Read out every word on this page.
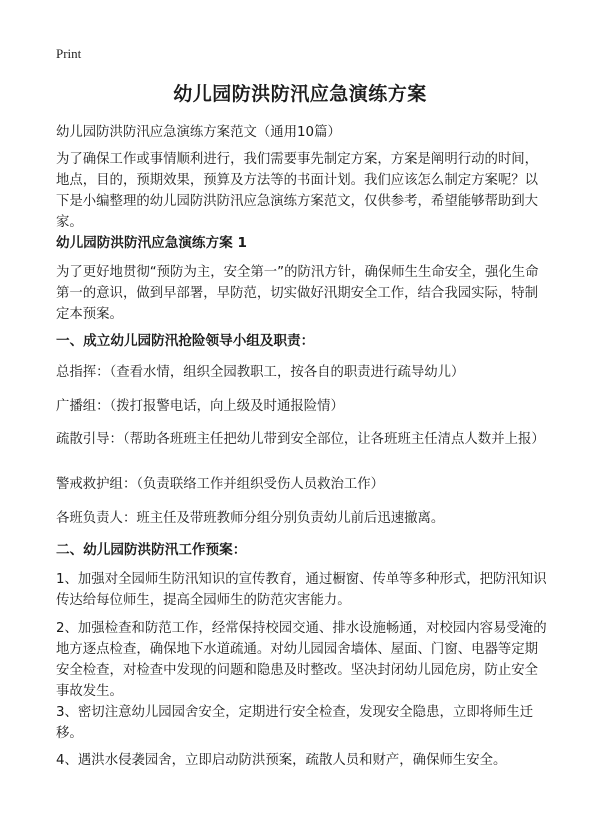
Print
幼儿园防洪防汛应急演练方案
幼儿园防洪防汛应急演练方案范文（通用10篇）
为了确保工作或事情顺利进行，我们需要事先制定方案，方案是阐明行动的时间，地点，目的，预期效果，预算及方法等的书面计划。我们应该怎么制定方案呢？以下是小编整理的幼儿园防洪防汛应急演练方案范文，仅供参考，希望能够帮助到大家。
幼儿园防洪防汛应急演练方案 1
为了更好地贯彻“预防为主，安全第一”的防汛方针，确保师生生命安全，强化生命第一的意识，做到早部署，早防范，切实做好汛期安全工作，结合我园实际，特制定本预案。
一、成立幼儿园防汛抢险领导小组及职责：
总指挥：（查看水情，组织全园教职工，按各自的职责进行疏导幼儿）
广播组：（拨打报警电话，向上级及时通报险情）
疏散引导：（帮助各班班主任把幼儿带到安全部位，让各班班主任清点人数并上报）
警戒救护组：（负责联络工作并组织受伤人员救治工作）
各班负责人：班主任及带班教师分组分别负责幼儿前后迅速撤离。
二、幼儿园防洪防汛工作预案：
1、加强对全园师生防汛知识的宣传教育，通过橱窗、传单等多种形式，把防汛知识传达给每位师生，提高全园师生的防范灾害能力。
2、加强检查和防范工作，经常保持校园交通、排水设施畅通，对校园内容易受淹的地方逐点检查，确保地下水道疏通。对幼儿园园舍墙体、屋面、门窗、电器等定期安全检查，对检查中发现的问题和隐患及时整改。坚决封闭幼儿园危房，防止安全事故发生。
3、密切注意幼儿园园舍安全，定期进行安全检查，发现安全隐患，立即将师生迁移。
4、遇洪水侵袭园舍，立即启动防洪预案，疏散人员和财产，确保师生安全。
